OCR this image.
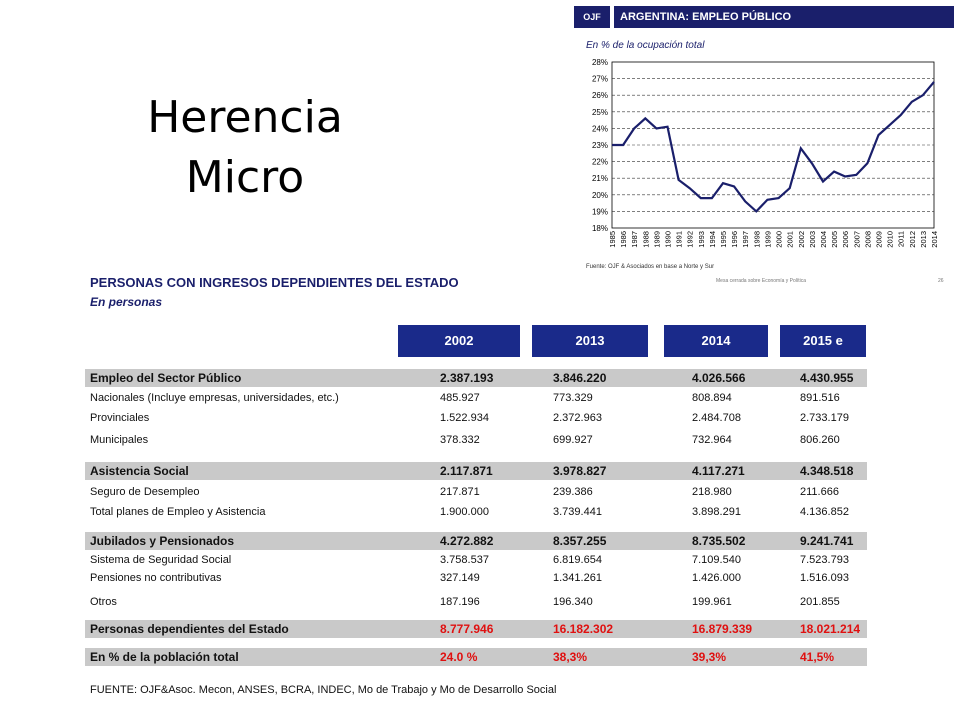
Herencia
Micro
OJF	ARGENTINA: EMPLEO PÚBLICO
En % de la ocupación total
18%
19%
20%
21%
22%
23%
24%
25%
26%
27%
28%
1985 1986 1987 1988 1989 1990 1991 1992 1993 1994 1995 1996 1997 1998 1999 2000 2001 2002 2003 2004 2005 2006 2007 2008 2009 2010 2011 2012 2013 2014
Fuente: OJF & Asociados en base a Norte y Sur
Mesa cerrada sobre Economía y Política	26
PERSONAS CON INGRESOS DEPENDIENTES DEL ESTADO
En personas
2002	2013	2014	2015 e
Empleo del Sector Público	2.387.193	3.846.220	4.026.566	4.430.955
Nacionales (Incluye empresas, universidades, etc.)	485.927	773.329	808.894	891.516
Provinciales	1.522.934	2.372.963	2.484.708	2.733.179
Municipales	378.332	699.927	732.964	806.260
Asistencia Social	2.117.871	3.978.827	4.117.271	4.348.518
Seguro de Desempleo	217.871	239.386	218.980	211.666
Total planes de Empleo y Asistencia	1.900.000	3.739.441	3.898.291	4.136.852
Jubilados y Pensionados	4.272.882	8.357.255	8.735.502	9.241.741
Sistema de Seguridad Social	3.758.537	6.819.654	7.109.540	7.523.793
Pensiones no contributivas	327.149	1.341.261	1.426.000	1.516.093
Otros	187.196	196.340	199.961	201.855
Personas dependientes del Estado	8.777.946	16.182.302	16.879.339	18.021.214
En % de la población total	24.0 %	38,3%	39,3%	41,5%
FUENTE: OJF&Asoc. Mecon, ANSES, BCRA, INDEC, Mo de Trabajo y Mo de Desarrollo Social
